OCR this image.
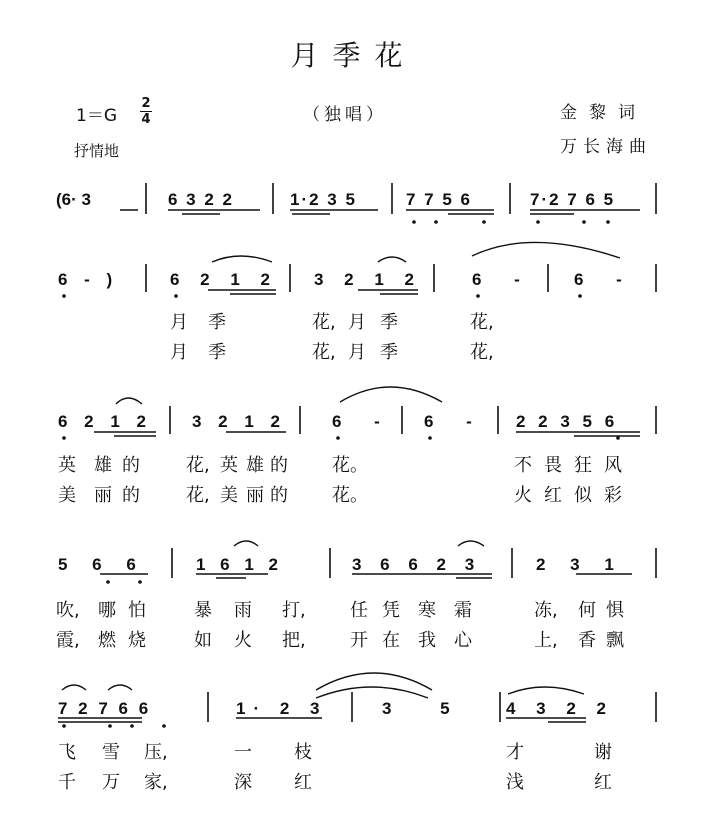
月季花
1＝G
2
4
抒情地
（独唱）	金黎词
万长海曲
(6· 3	6 3 2 2	1·2 3 5	7 7 5 6	7·2 7 6 5
6 - )	6 2 1 2 3 2 1 2	6 - 6 -
6 2 1 2 3 2 1 2	6 - 6 - 2 2 3 5 6
5 6 6	1 6 1 2	3 6 6 2 3	2 3 1
7 2 7 6 6	1· 2 3	3 5 4 3 2 2
月 季	花, 月 季	花,
月 季	花, 月 季	花,
英 雄 的	花, 英 雄 的 花。	不 畏 狂 风
美 丽 的	花, 美 丽 的 花。	火 红 似 彩
吹, 哪 怕	暴 雨 打, 任 凭 寒 霜	冻, 何 惧
霞, 燃 烧	如 火 把, 开 在 我 心	上, 香 飘
飞 雪 压,	一 枝	才	谢
千 万 家,	深 红	浅	红
